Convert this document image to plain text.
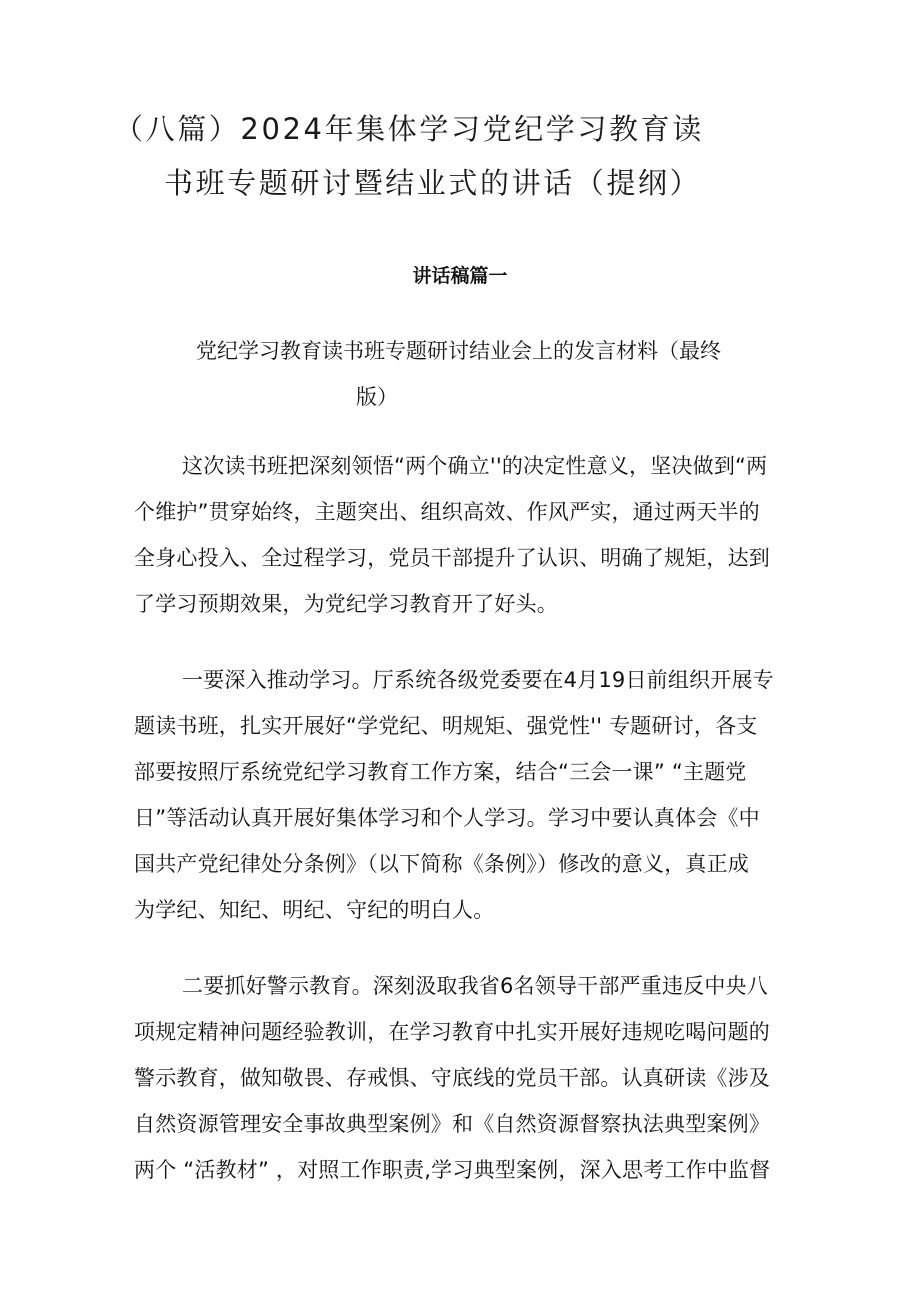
（八篇）2024年集体学习党纪学习教育读
书班专题研讨暨结业式的讲话（提纲）
讲话稿篇一
党纪学习教育读书班专题研讨结业会上的发言材料（最终
版）
这次读书班把深刻领悟“两个确立''的决定性意义，坚决做到“两
个维护”贯穿始终，主题突出、组织高效、作风严实，通过两天半的
全身心投入、全过程学习，党员干部提升了认识、明确了规矩，达到
了学习预期效果，为党纪学习教育开了好头。
一要深入推动学习。厅系统各级党委要在4月19日前组织开展专
题读书班，扎实开展好“学党纪、明规矩、强党性'' 专题研讨，各支
部要按照厅系统党纪学习教育工作方案，结合“三会一课” “主题党
日”等活动认真开展好集体学习和个人学习。学习中要认真体会《中
国共产党纪律处分条例》（以下简称《条例》）修改的意义，真正成
为学纪、知纪、明纪、守纪的明白人。
二要抓好警示教育。深刻汲取我省6名领导干部严重违反中央八
项规定精神问题经验教训，在学习教育中扎实开展好违规吃喝问题的
警示教育，做知敬畏、存戒惧、守底线的党员干部。认真研读《涉及
自然资源管理安全事故典型案例》和《自然资源督察执法典型案例》
两个 “活教材” ，对照工作职责,学习典型案例，深入思考工作中监督
